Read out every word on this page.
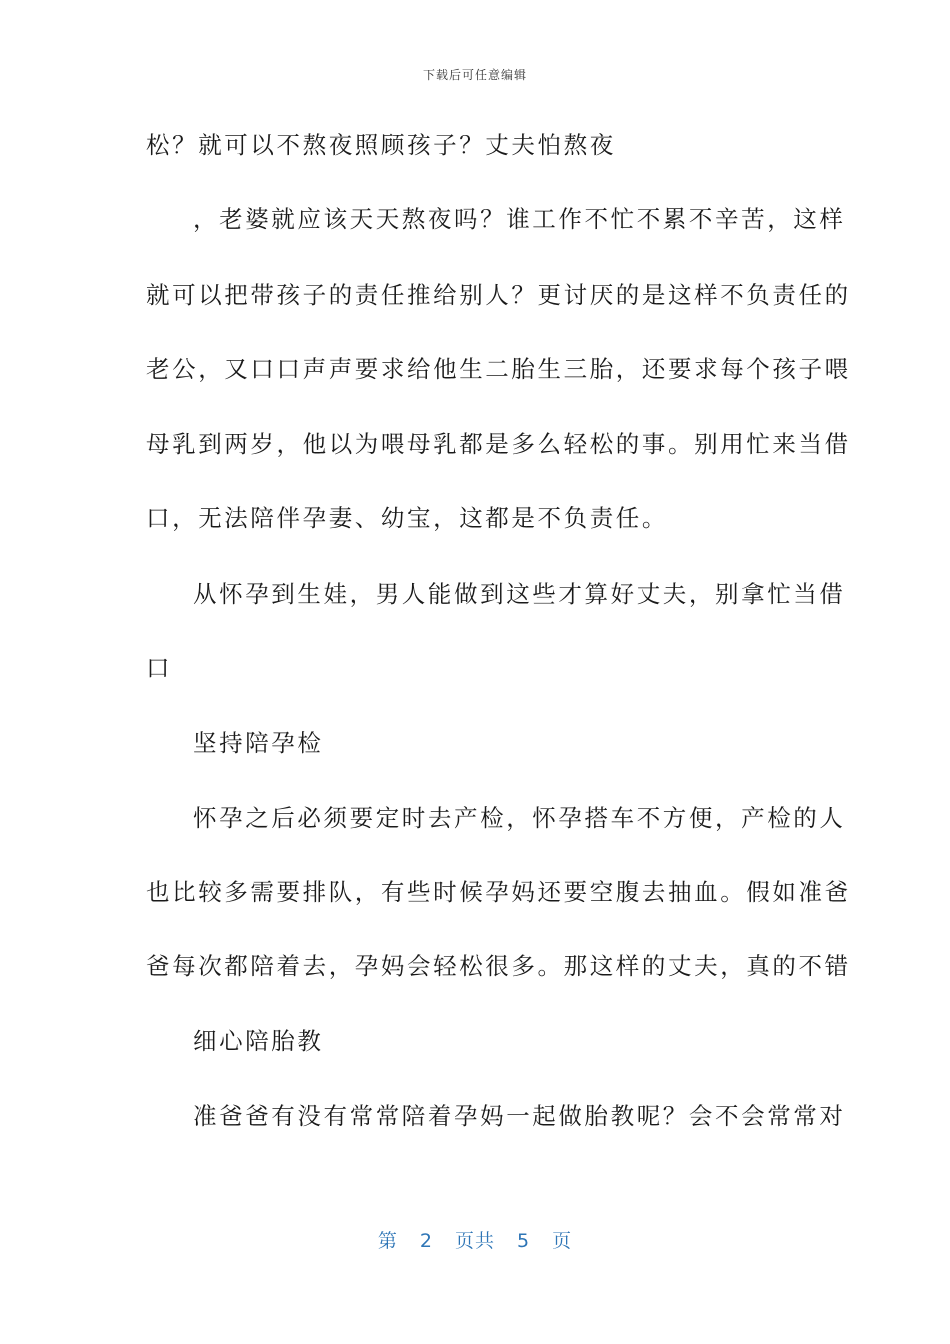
下载后可任意编辑
松？就可以不熬夜照顾孩子？丈夫怕熬夜
，老婆就应该天天熬夜吗？谁工作不忙不累不辛苦，这样
就可以把带孩子的责任推给别人？更讨厌的是这样不负责任的
老公，又口口声声要求给他生二胎生三胎，还要求每个孩子喂
母乳到两岁，他以为喂母乳都是多么轻松的事。别用忙来当借
口，无法陪伴孕妻、幼宝，这都是不负责任。
从怀孕到生娃，男人能做到这些才算好丈夫，别拿忙当借
口
坚持陪孕检
怀孕之后必须要定时去产检，怀孕搭车不方便，产检的人
也比较多需要排队，有些时候孕妈还要空腹去抽血。假如准爸
爸每次都陪着去，孕妈会轻松很多。那这样的丈夫，真的不错
细心陪胎教
准爸爸有没有常常陪着孕妈一起做胎教呢？会不会常常对
第 2 页共 5 页
